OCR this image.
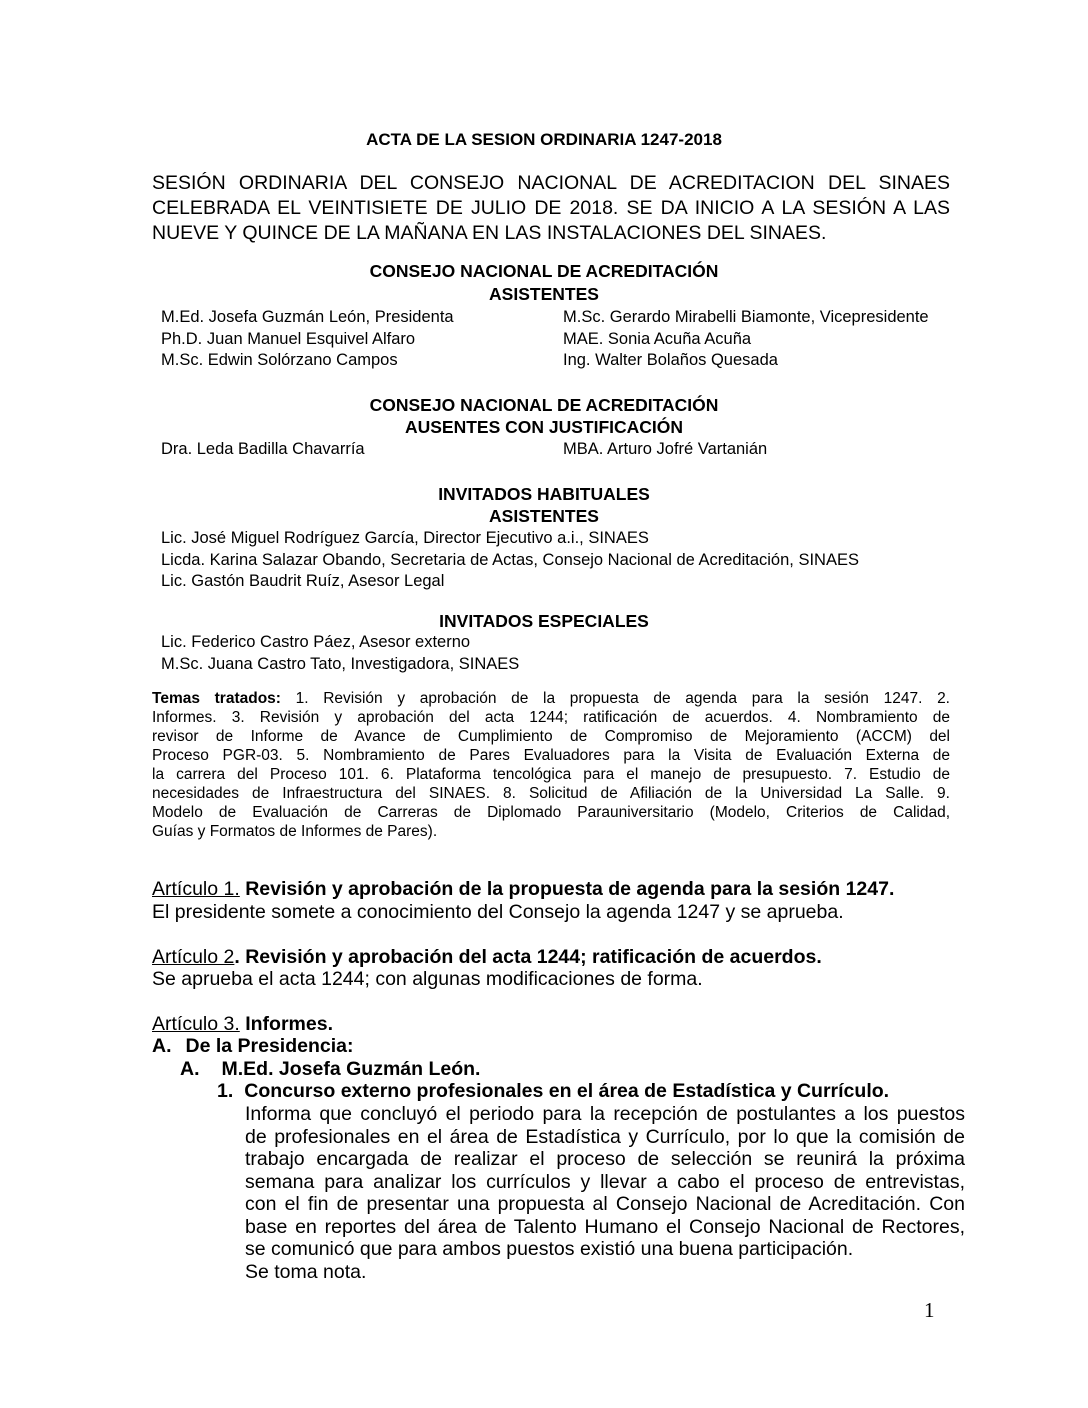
ACTA DE LA SESION ORDINARIA 1247-2018
SESIÓN ORDINARIA DEL CONSEJO NACIONAL DE ACREDITACION DEL SINAES
CELEBRADA EL VEINTISIETE DE JULIO DE 2018. SE DA INICIO A LA SESIÓN A LAS
NUEVE Y QUINCE DE LA MAÑANA EN LAS INSTALACIONES DEL SINAES.
CONSEJO NACIONAL DE ACREDITACIÓN
ASISTENTES
M.Ed. Josefa Guzmán León, Presidenta
Ph.D. Juan Manuel Esquivel Alfaro
M.Sc. Edwin Solórzano Campos
M.Sc. Gerardo Mirabelli Biamonte, Vicepresidente
MAE. Sonia Acuña Acuña
Ing. Walter Bolaños Quesada
CONSEJO NACIONAL DE ACREDITACIÓN
AUSENTES CON JUSTIFICACIÓN
Dra. Leda Badilla Chavarría	MBA. Arturo Jofré Vartanián
INVITADOS HABITUALES
ASISTENTES
Lic. José Miguel Rodríguez García, Director Ejecutivo a.i., SINAES
Licda. Karina Salazar Obando, Secretaria de Actas, Consejo Nacional de Acreditación, SINAES
Lic. Gastón Baudrit Ruíz, Asesor Legal
INVITADOS ESPECIALES
Lic. Federico Castro Páez, Asesor externo
M.Sc. Juana Castro Tato, Investigadora, SINAES
Temas tratados: 1. Revisión y aprobación de la propuesta de agenda para la sesión 1247. 2.
Informes. 3. Revisión y aprobación del acta 1244; ratificación de acuerdos. 4. Nombramiento de
revisor de Informe de Avance de Cumplimiento de Compromiso de Mejoramiento (ACCM) del
Proceso PGR-03. 5. Nombramiento de Pares Evaluadores para la Visita de Evaluación Externa de
la carrera del Proceso 101. 6. Plataforma tencológica para el manejo de presupuesto. 7. Estudio de
necesidades de Infraestructura del SINAES. 8. Solicitud de Afiliación de la Universidad La Salle. 9.
Modelo de Evaluación de Carreras de Diplomado Parauniversitario (Modelo, Criterios de Calidad,
Guías y Formatos de Informes de Pares).
Artículo 1. Revisión y aprobación de la propuesta de agenda para la sesión 1247.
El presidente somete a conocimiento del Consejo la agenda 1247 y se aprueba.
Artículo 2. Revisión y aprobación del acta 1244; ratificación de acuerdos.
Se aprueba el acta 1244; con algunas modificaciones de forma.
Artículo 3. Informes.
A. De la Presidencia:
A. M.Ed. Josefa Guzmán León.
1. Concurso externo profesionales en el área de Estadística y Currículo.
Informa que concluyó el periodo para la recepción de postulantes a los puestos
de profesionales en el área de Estadística y Currículo, por lo que la comisión de
trabajo encargada de realizar el proceso de selección se reunirá la próxima
semana para analizar los currículos y llevar a cabo el proceso de entrevistas,
con el fin de presentar una propuesta al Consejo Nacional de Acreditación. Con
base en reportes del área de Talento Humano el Consejo Nacional de Rectores,
se comunicó que para ambos puestos existió una buena participación.
Se toma nota.
1
